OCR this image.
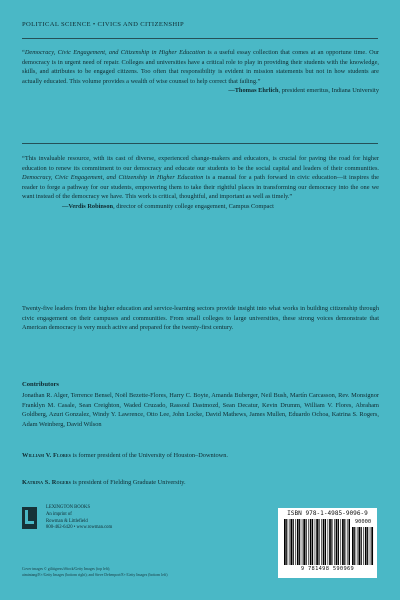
POLITICAL SCIENCE • CIVICS AND CITIZENSHIP
“Democracy, Civic Engagement, and Citizenship in Higher Education is a useful essay collection that comes at an opportune time. Our democracy is in urgent need of repair. Colleges and universities have a critical role to play in providing their students with the knowledge, skills, and attributes to be engaged citizens. Too often that responsibility is evident in mission statements but not in how students are actually educated. This volume provides a wealth of wise counsel to help correct that failing.”
—Thomas Ehrlich, president emeritus, Indiana University
“This invaluable resource, with its cast of diverse, experienced change-makers and educators, is crucial for paving the road for higher education to renew its commitment to our democracy and educate our students to be the social capital and leaders of their communities. Democracy, Civic Engagement, and Citizenship in Higher Education is a manual for a path forward in civic education—it inspires the reader to forge a pathway for our students, empowering them to take their rightful places in transforming our democracy into the one we want instead of the democracy we have. This work is critical, thoughtful, and important as well as timely.”
—Verdis Robinson, director of community college engagement, Campus Compact
Twenty-five leaders from the higher education and service-learning sectors provide insight into what works in building citizenship through civic engagement on their campuses and communities. From small colleges to large universities, these strong voices demonstrate that American democracy is very much active and prepared for the twenty-first century.
Contributors
Jonathan R. Alger, Terrence Bensel, Noël Bezette-Flores, Harry C. Boyte, Amanda Buberger, Neil Bush, Martín Carcasson, Rev. Monsignor Franklyn M. Casale, Sean Creighton, Waded Cruzado, Rassoul Dastmozd, Sean Decatur, Kevin Drumm, William V. Flores, Abraham Goldberg, Azuri Gonzalez, Windy Y. Lawrence, Otto Lee, John Locke, David Mathews, James Mullen, Eduardo Ochoa, Katrina S. Rogers, Adam Weinberg, David Wilson
William V. Flores is former president of the University of Houston–Downtown.
Katrina S. Rogers is president of Fielding Graduate University.
LEXINGTON BOOKS
An imprint of
Rowman & Littlefield
800-462-6420 • www.rowman.com
Cover images © gilitigress/iStock/Getty Images (top left);
aimintang/E+/Getty Images (bottom right); and Steve Debenport/E+/Getty Images (bottom left)
ISBN 978-1-4985-9096-9
90000
9 781498 590969
